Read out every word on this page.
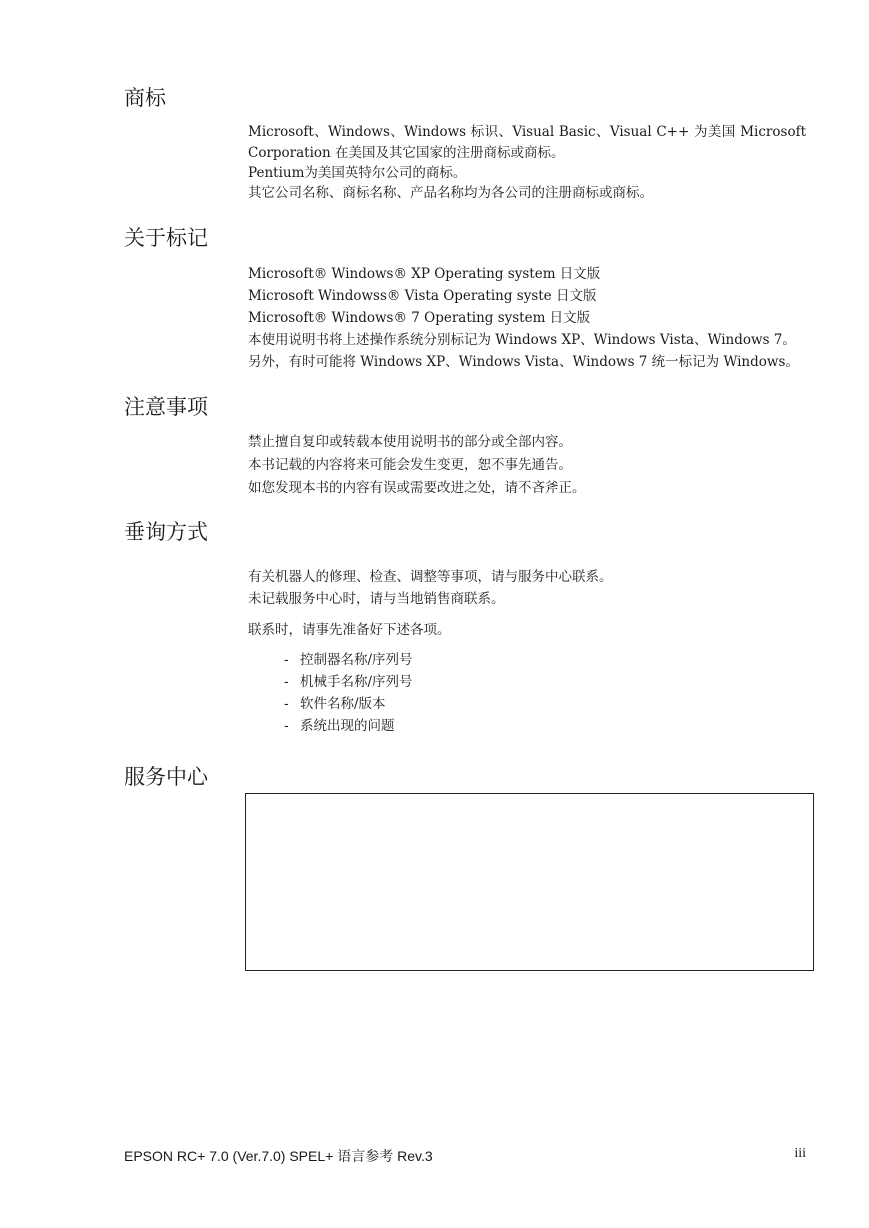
商标
Microsoft、Windows、Windows 标识、Visual Basic、Visual C++ 为美国 Microsoft
Corporation 在美国及其它国家的注册商标或商标。
Pentium为美国英特尔公司的商标。
其它公司名称、商标名称、产品名称均为各公司的注册商标或商标。
关于标记
Microsoft® Windows® XP Operating system 日文版
Microsoft Windowss® Vista Operating syste 日文版
Microsoft® Windows® 7 Operating system 日文版
本使用说明书将上述操作系统分别标记为 Windows XP、Windows Vista、Windows 7。
另外，有时可能将 Windows XP、Windows Vista、Windows 7 统一标记为 Windows。
注意事项
禁止擅自复印或转载本使用说明书的部分或全部内容。
本书记载的内容将来可能会发生变更，恕不事先通告。
如您发现本书的内容有误或需要改进之处，请不吝斧正。
垂询方式
有关机器人的修理、检查、调整等事项，请与服务中心联系。
未记载服务中心时，请与当地销售商联系。
联系时，请事先准备好下述各项。
- 控制器名称/序列号
- 机械手名称/序列号
- 软件名称/版本
- 系统出现的问题
服务中心
EPSON RC+ 7.0 (Ver.7.0) SPEL+ 语言参考 Rev.3	iii
